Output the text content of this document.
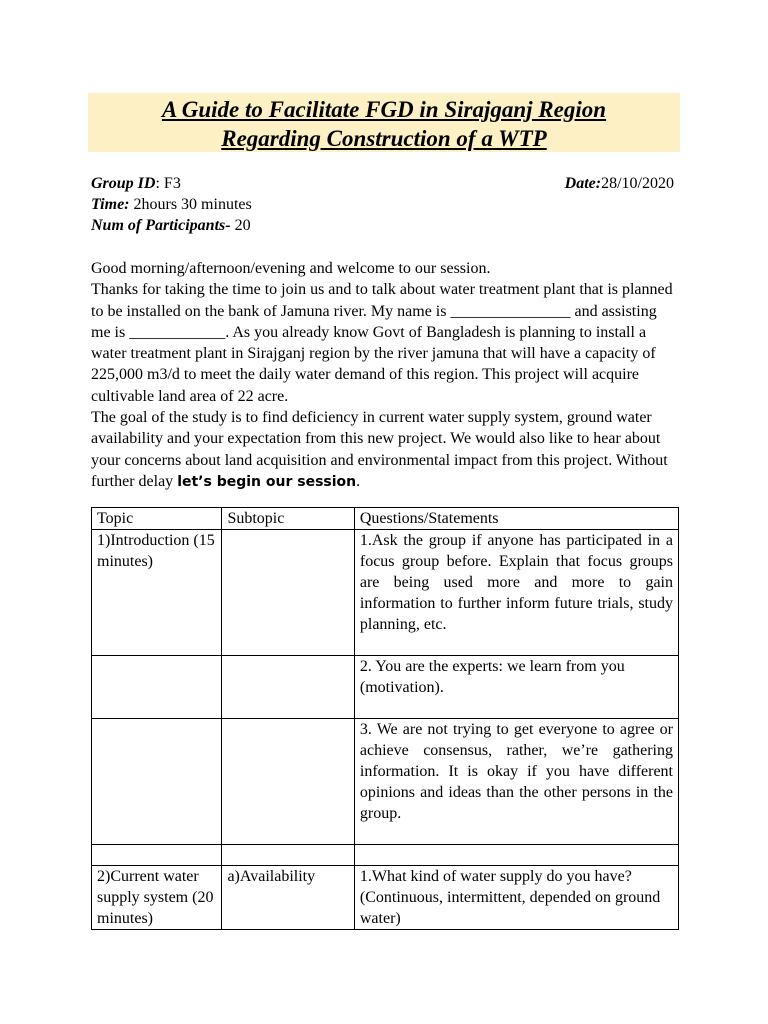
A Guide to Facilitate FGD in Sirajganj Region
Regarding Construction of a WTP
Group ID: F3	Date:28/10/2020
Time: 2hours 30 minutes
Num of Participants- 20

Good morning/afternoon/evening and welcome to our session.

Thanks for taking the time to join us and to talk about water treatment plant that is planned to be installed on the bank of Jamuna river. My name is _______________ and assisting me is ____________. As you already know Govt of Bangladesh is planning to install a water treatment plant in Sirajganj region by the river jamuna that will have a capacity of 225,000 m3/d to meet the daily water demand of this region. This project will acquire cultivable land area of 22 acre.

The goal of the study is to find deficiency in current water supply system, ground water availability and your expectation from this new project. We would also like to hear about your concerns about land acquisition and environmental impact from this project. Without further delay let’s begin our session.

Topic	Subtopic	Questions/Statements
1)Introduction (15 minutes)		1.Ask the group if anyone has participated in a focus group before. Explain that focus groups are being used more and more to gain information to further inform future trials, study planning, etc.
		2. You are the experts: we learn from you (motivation).
		3. We are not trying to get everyone to agree or achieve consensus, rather, we’re gathering information. It is okay if you have different opinions and ideas than the other persons in the group.

2)Current water supply system (20 minutes)	a)Availability	1.What kind of water supply do you have? (Continuous, intermittent, depended on ground water)
